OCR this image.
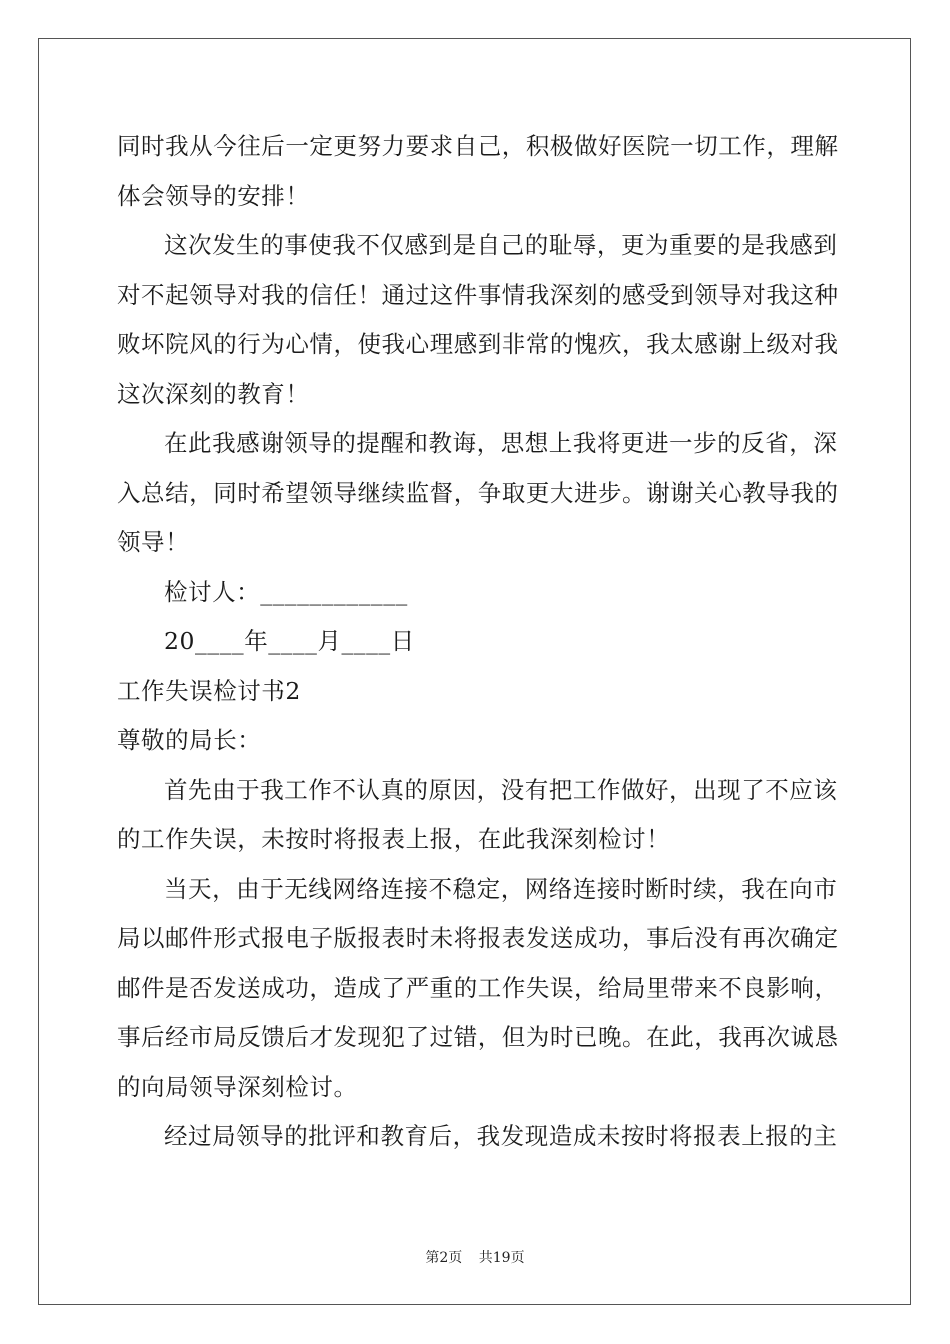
同时我从今往后一定更努力要求自己，积极做好医院一切工作，理解
体会领导的安排！
这次发生的事使我不仅感到是自己的耻辱，更为重要的是我感到
对不起领导对我的信任！通过这件事情我深刻的感受到领导对我这种
败坏院风的行为心情，使我心理感到非常的愧疚，我太感谢上级对我
这次深刻的教育！
在此我感谢领导的提醒和教诲，思想上我将更进一步的反省，深
入总结，同时希望领导继续监督，争取更大进步。谢谢关心教导我的
领导！
检讨人：____________
20____年____月____日
工作失误检讨书2
尊敬的局长：
首先由于我工作不认真的原因，没有把工作做好，出现了不应该
的工作失误，未按时将报表上报，在此我深刻检讨！
当天，由于无线网络连接不稳定，网络连接时断时续，我在向市
局以邮件形式报电子版报表时未将报表发送成功，事后没有再次确定
邮件是否发送成功，造成了严重的工作失误，给局里带来不良影响，
事后经市局反馈后才发现犯了过错，但为时已晚。在此，我再次诚恳
的向局领导深刻检讨。
经过局领导的批评和教育后，我发现造成未按时将报表上报的主
第2页 共19页
